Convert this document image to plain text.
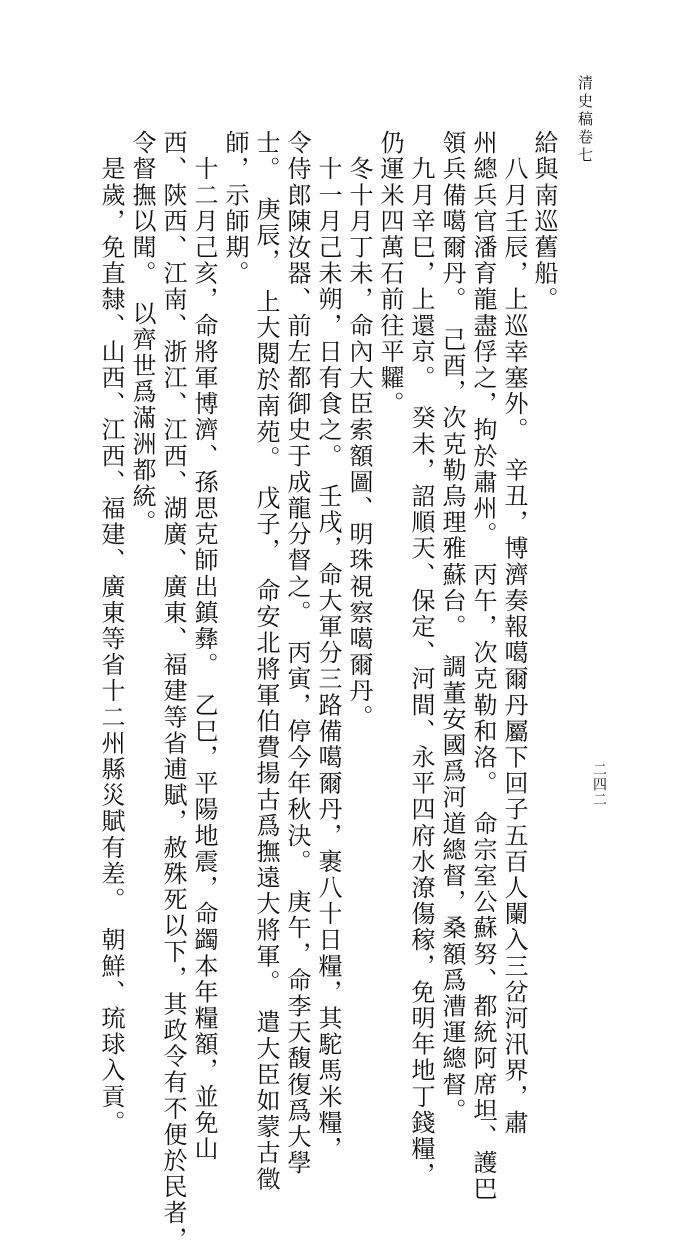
清史稿卷七
二四二
給與南巡舊船。
　八月壬辰，上巡幸塞外。　辛丑，博濟奏報噶爾丹屬下回子五百人闌入三岔河汛界，肅
州總兵官潘育龍盡俘之，拘於肅州。　丙午，次克勒和洛。　命宗室公蘇努、都統阿席坦、護巴
領兵備噶爾丹。　己酉，次克勒烏理雅蘇台。　調董安國爲河道總督，桑額爲漕運總督。
　九月辛巳，上還京。　癸未，詔順天、保定、河間、永平四府水潦傷稼，免明年地丁錢糧，
仍運米四萬石前往平糶。
　冬十月丁未，命內大臣索額圖、明珠視察噶爾丹。
　十一月己未朔，日有食之。　壬戌，命大軍分三路備噶爾丹，裹八十日糧，其駝馬米糧，
令侍郎陳汝器、前左都御史于成龍分督之。　丙寅，停今年秋決。　庚午，命李天馥復爲大學
士。　庚辰，　上大閱於南苑。　戊子，　命安北將軍伯費揚古爲撫遠大將軍。　遣大臣如蒙古徵
師，示師期。
　十二月己亥，命將軍博濟、孫思克師出鎮彝。　乙巳，平陽地震，命蠲本年糧額，並免山
西、陝西、江南、浙江、江西、湖廣、廣東、福建等省逋賦，赦殊死以下，其政令有不便於民者，
令督撫以聞。　以齊世爲滿洲都統。
　是歲，免直隸、山西、江西、福建、廣東等省十二州縣災賦有差。　朝鮮、琉球入貢。
